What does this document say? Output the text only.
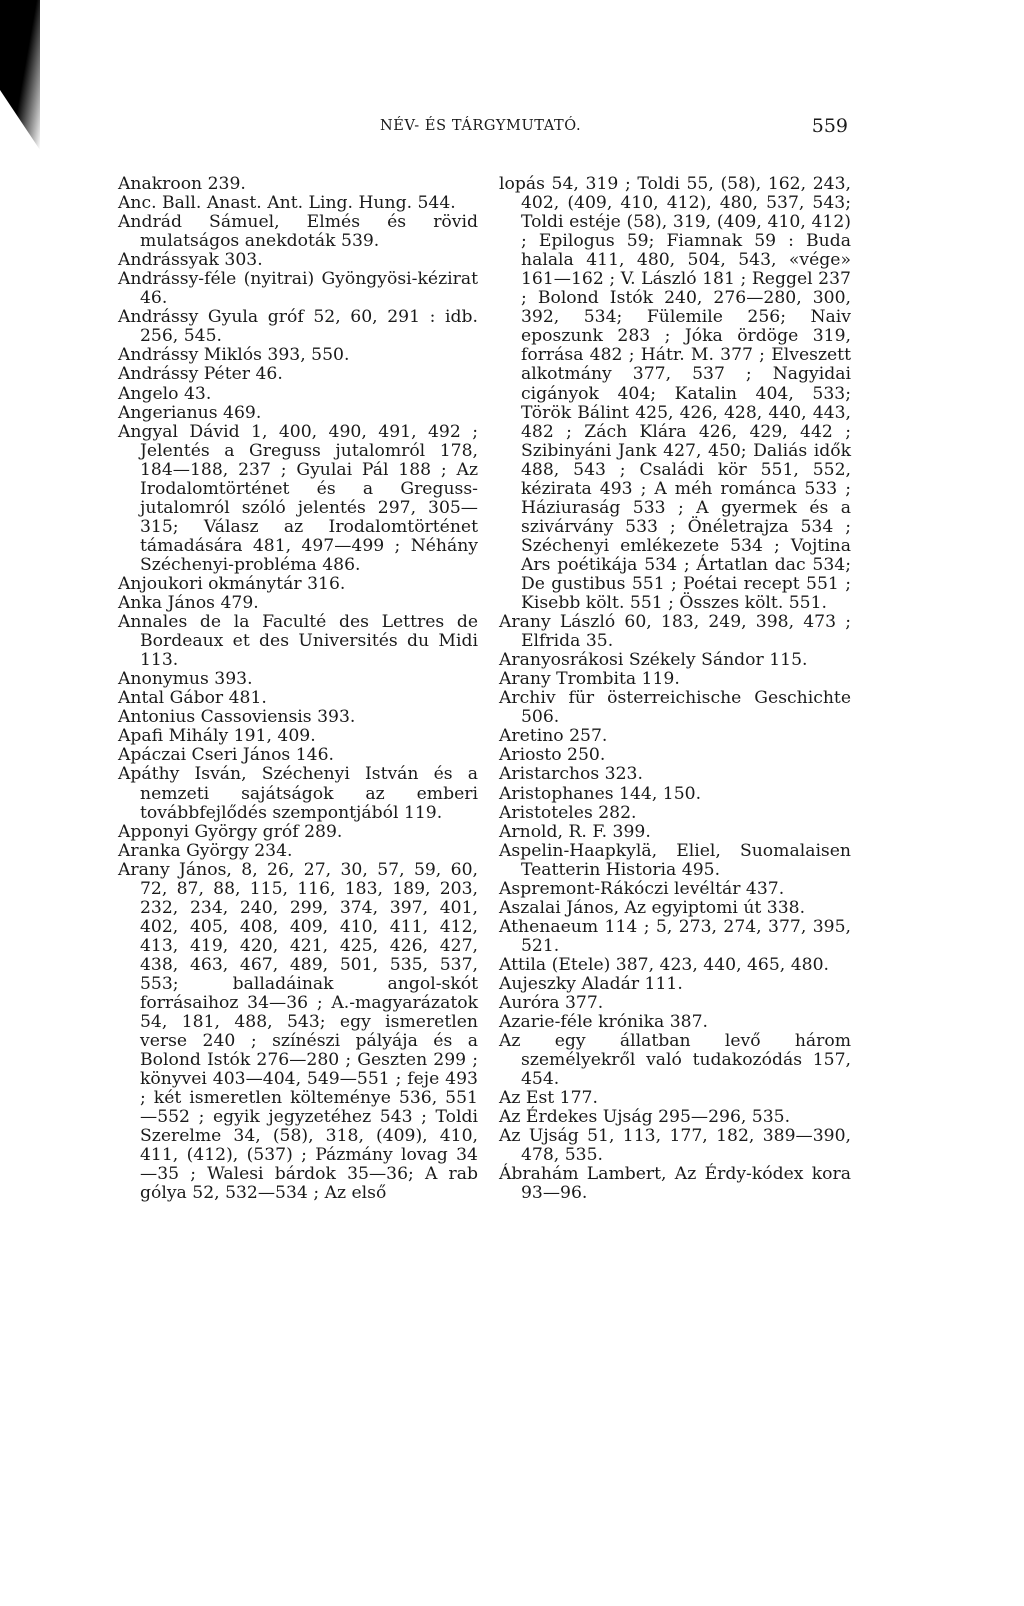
NÉV- ÉS TÁRGYMUTATÓ.	559
Anakroon 239.
Anc. Ball. Anast. Ant. Ling. Hung. 544.
Andrád Sámuel, Elmés és rövid mulatságos anekdoták 539.
Andrássyak 303.
Andrássy-féle (nyitrai) Gyöngyösi-kézirat 46.
Andrássy Gyula gróf 52, 60, 291 : idb. 256, 545.
Andrássy Miklós 393, 550.
Andrássy Péter 46.
Angelo 43.
Angerianus 469.
Angyal Dávid 1, 400, 490, 491, 492 ; Jelentés a Greguss jutalomról 178, 184—188, 237 ; Gyulai Pál 188 ; Az Irodalomtörténet és a Greguss-jutalomról szóló jelentés 297, 305—315; Válasz az Irodalomtörténet támadására 481, 497—499 ; Néhány Széchenyi-probléma 486.
Anjoukori okmánytár 316.
Anka János 479.
Annales de la Faculté des Lettres de Bordeaux et des Universités du Midi 113.
Anonymus 393.
Antal Gábor 481.
Antonius Cassoviensis 393.
Apafi Mihály 191, 409.
Apáczai Cseri János 146.
Apáthy Isván, Széchenyi István és a nemzeti sajátságok az emberi továbbfejlődés szempontjából 119.
Apponyi György gróf 289.
Aranka György 234.
Arany János, 8, 26, 27, 30, 57, 59, 60, 72, 87, 88, 115, 116, 183, 189, 203, 232, 234, 240, 299, 374, 397, 401, 402, 405, 408, 409, 410, 411, 412, 413, 419, 420, 421, 425, 426, 427, 438, 463, 467, 489, 501, 535, 537, 553; balladáinak angol-skót forrásaihoz 34—36 ; A.-magyarázatok 54, 181, 488, 543; egy ismeretlen verse 240 ; színészi pályája és a Bolond Istók 276—280 ; Geszten 299 ; könyvei 403—404, 549—551 ; feje 493 ; két ismeretlen költeménye 536, 551—552 ; egyik jegyzetéhez 543 ; Toldi Szerelme 34, (58), 318, (409), 410, 411, (412), (537) ; Pázmány lovag 34—35 ; Walesi bárdok 35—36; A rab gólya 52, 532—534 ; Az első
lopás 54, 319 ; Toldi 55, (58), 162, 243, 402, (409, 410, 412), 480, 537, 543; Toldi estéje (58), 319, (409, 410, 412) ; Epilogus 59; Fiamnak 59 : Buda halala 411, 480, 504, 543, «vége» 161—162 ; V. László 181 ; Reggel 237 ; Bolond Istók 240, 276—280, 300, 392, 534; Fülemile 256; Naiv eposzunk 283 ; Jóka ördöge 319, forrása 482 ; Hátr. M. 377 ; Elveszett alkotmány 377, 537 ; Nagyidai cigányok 404; Katalin 404, 533; Török Bálint 425, 426, 428, 440, 443, 482 ; Zách Klára 426, 429, 442 ; Szibinyáni Jank 427, 450; Daliás idők 488, 543 ; Családi kör 551, 552, kézirata 493 ; A méh románca 533 ; Háziuraság 533 ; A gyermek és a szivárvány 533 ; Önéletrajza 534 ; Széchenyi emlékezete 534 ; Vojtina Ars poétikája 534 ; Ártatlan dac 534; De gustibus 551 ; Poétai recept 551 ; Kisebb költ. 551 ; Összes költ. 551.
Arany László 60, 183, 249, 398, 473 ; Elfrida 35.
Aranyosrákosi Székely Sándor 115.
Arany Trombita 119.
Archiv für österreichische Geschichte 506.
Aretino 257.
Ariosto 250.
Aristarchos 323.
Aristophanes 144, 150.
Aristoteles 282.
Arnold, R. F. 399.
Aspelin-Haapkylä, Eliel, Suomalaisen Teatterin Historia 495.
Aspremont-Rákóczi levéltár 437.
Aszalai János, Az egyiptomi út 338.
Athenaeum 114 ; 5, 273, 274, 377, 395, 521.
Attila (Etele) 387, 423, 440, 465, 480.
Aujeszky Aladár 111.
Auróra 377.
Azarie-féle krónika 387.
Az egy állatban levő három személyekről való tudakozódás 157, 454.
Az Est 177.
Az Érdekes Ujság 295—296, 535.
Az Ujság 51, 113, 177, 182, 389—390, 478, 535.
Ábrahám Lambert, Az Érdy-kódex kora 93—96.
